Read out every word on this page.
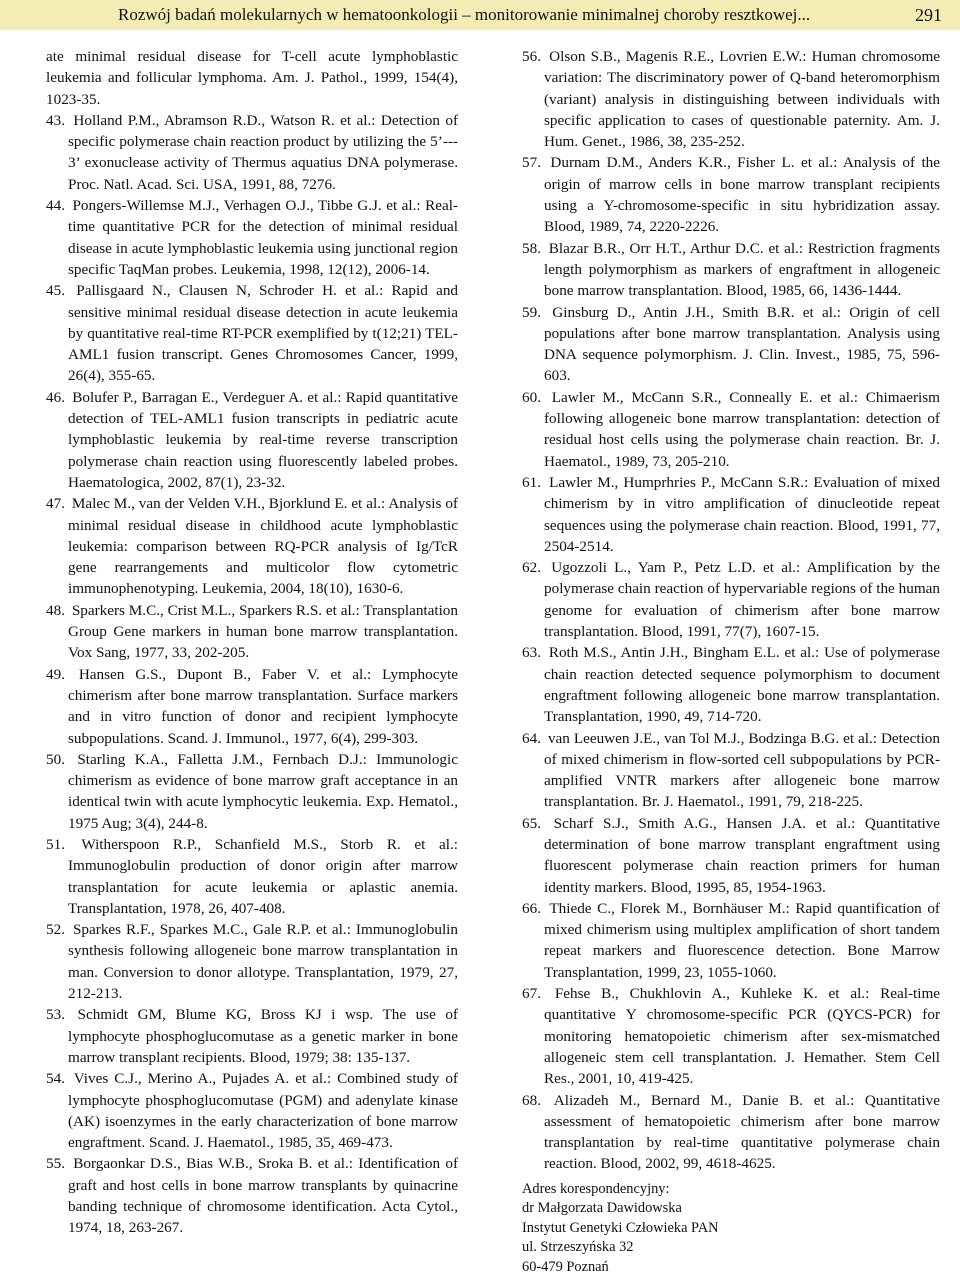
Rozwój badań molekularnych w hematoonkologii – monitorowanie minimalnej choroby resztkowej...	291
ate minimal residual disease for T-cell acute lymphoblastic leukemia and follicular lymphoma. Am. J. Pathol., 1999, 154(4), 1023-35.
43. Holland P.M., Abramson R.D., Watson R. et al.: Detection of specific polymerase chain reaction product by utilizing the 5’--- 3’ exonuclease activity of Thermus aquatius DNA polymerase. Proc. Natl. Acad. Sci. USA, 1991, 88, 7276.
44. Pongers-Willemse M.J., Verhagen O.J., Tibbe G.J. et al.: Real-time quantitative PCR for the detection of minimal residual disease in acute lymphoblastic leukemia using junctional region specific TaqMan probes. Leukemia, 1998, 12(12), 2006-14.
45. Pallisgaard N., Clausen N, Schroder H. et al.: Rapid and sensitive minimal residual disease detection in acute leukemia by quantitative real-time RT-PCR exemplified by t(12;21) TEL-AML1 fusion transcript. Genes Chromosomes Cancer, 1999, 26(4), 355-65.
46. Bolufer P., Barragan E., Verdeguer A. et al.: Rapid quantitative detection of TEL-AML1 fusion transcripts in pediatric acute lymphoblastic leukemia by real-time reverse transcription polymerase chain reaction using fluorescently labeled probes. Haematologica, 2002, 87(1), 23-32.
47. Malec M., van der Velden V.H., Bjorklund E. et al.: Analysis of minimal residual disease in childhood acute lymphoblastic leukemia: comparison between RQ-PCR analysis of Ig/TcR gene rearrangements and multicolor flow cytometric immunophenotyping. Leukemia, 2004, 18(10), 1630-6.
48. Sparkers M.C., Crist M.L., Sparkers R.S. et al.: Transplantation Group Gene markers in human bone marrow transplantation. Vox Sang, 1977, 33, 202-205.
49. Hansen G.S., Dupont B., Faber V. et al.: Lymphocyte chimerism after bone marrow transplantation. Surface markers and in vitro function of donor and recipient lymphocyte subpopulations. Scand. J. Immunol., 1977, 6(4), 299-303.
50. Starling K.A., Falletta J.M., Fernbach D.J.: Immunologic chimerism as evidence of bone marrow graft acceptance in an identical twin with acute lymphocytic leukemia. Exp. Hematol., 1975 Aug; 3(4), 244-8.
51. Witherspoon R.P., Schanfield M.S., Storb R. et al.: Immunoglobulin production of donor origin after marrow transplantation for acute leukemia or aplastic anemia. Transplantation, 1978, 26, 407-408.
52. Sparkes R.F., Sparkes M.C., Gale R.P. et al.: Immunoglobulin synthesis following allogeneic bone marrow transplantation in man. Conversion to donor allotype. Transplantation, 1979, 27, 212-213.
53. Schmidt GM, Blume KG, Bross KJ i wsp. The use of lymphocyte phosphoglucomutase as a genetic marker in bone marrow transplant recipients. Blood, 1979; 38: 135-137.
54. Vives C.J., Merino A., Pujades A. et al.: Combined study of lymphocyte phosphoglucomutase (PGM) and adenylate kinase (AK) isoenzymes in the early characterization of bone marrow engraftment. Scand. J. Haematol., 1985, 35, 469-473.
55. Borgaonkar D.S., Bias W.B., Sroka B. et al.: Identification of graft and host cells in bone marrow transplants by quinacrine banding technique of chromosome identification. Acta Cytol., 1974, 18, 263-267.
56. Olson S.B., Magenis R.E., Lovrien E.W.: Human chromosome variation: The discriminatory power of Q-band heteromorphism (variant) analysis in distinguishing between individuals with specific application to cases of questionable paternity. Am. J. Hum. Genet., 1986, 38, 235-252.
57. Durnam D.M., Anders K.R., Fisher L. et al.: Analysis of the origin of marrow cells in bone marrow transplant recipients using a Y-chromosome-specific in situ hybridization assay. Blood, 1989, 74, 2220-2226.
58. Blazar B.R., Orr H.T., Arthur D.C. et al.: Restriction fragments length polymorphism as markers of engraftment in allogeneic bone marrow transplantation. Blood, 1985, 66, 1436-1444.
59. Ginsburg D., Antin J.H., Smith B.R. et al.: Origin of cell populations after bone marrow transplantation. Analysis using DNA sequence polymorphism. J. Clin. Invest., 1985, 75, 596-603.
60. Lawler M., McCann S.R., Conneally E. et al.: Chimaerism following allogeneic bone marrow transplantation: detection of residual host cells using the polymerase chain reaction. Br. J. Haematol., 1989, 73, 205-210.
61. Lawler M., Humprhries P., McCann S.R.: Evaluation of mixed chimerism by in vitro amplification of dinucleotide repeat sequences using the polymerase chain reaction. Blood, 1991, 77, 2504-2514.
62. Ugozzoli L., Yam P., Petz L.D. et al.: Amplification by the polymerase chain reaction of hypervariable regions of the human genome for evaluation of chimerism after bone marrow transplantation. Blood, 1991, 77(7), 1607-15.
63. Roth M.S., Antin J.H., Bingham E.L. et al.: Use of polymerase chain reaction detected sequence polymorphism to document engraftment following allogeneic bone marrow transplantation. Transplantation, 1990, 49, 714-720.
64. van Leeuwen J.E., van Tol M.J., Bodzinga B.G. et al.: Detection of mixed chimerism in flow-sorted cell subpopulations by PCR-amplified VNTR markers after allogeneic bone marrow transplantation. Br. J. Haematol., 1991, 79, 218-225.
65. Scharf S.J., Smith A.G., Hansen J.A. et al.: Quantitative determination of bone marrow transplant engraftment using fluorescent polymerase chain reaction primers for human identity markers. Blood, 1995, 85, 1954-1963.
66. Thiede C., Florek M., Bornhäuser M.: Rapid quantification of mixed chimerism using multiplex amplification of short tandem repeat markers and fluorescence detection. Bone Marrow Transplantation, 1999, 23, 1055-1060.
67. Fehse B., Chukhlovin A., Kuhleke K. et al.: Real-time quantitative Y chromosome-specific PCR (QYCS-PCR) for monitoring hematopoietic chimerism after sex-mismatched allogeneic stem cell transplantation. J. Hemather. Stem Cell Res., 2001, 10, 419-425.
68. Alizadeh M., Bernard M., Danie B. et al.: Quantitative assessment of hematopoietic chimerism after bone marrow transplantation by real-time quantitative polymerase chain reaction. Blood, 2002, 99, 4618-4625.
Adres korespondencyjny:
dr Małgorzata Dawidowska
Instytut Genetyki Człowieka PAN
ul. Strzeszyńska 32
60-479 Poznań
